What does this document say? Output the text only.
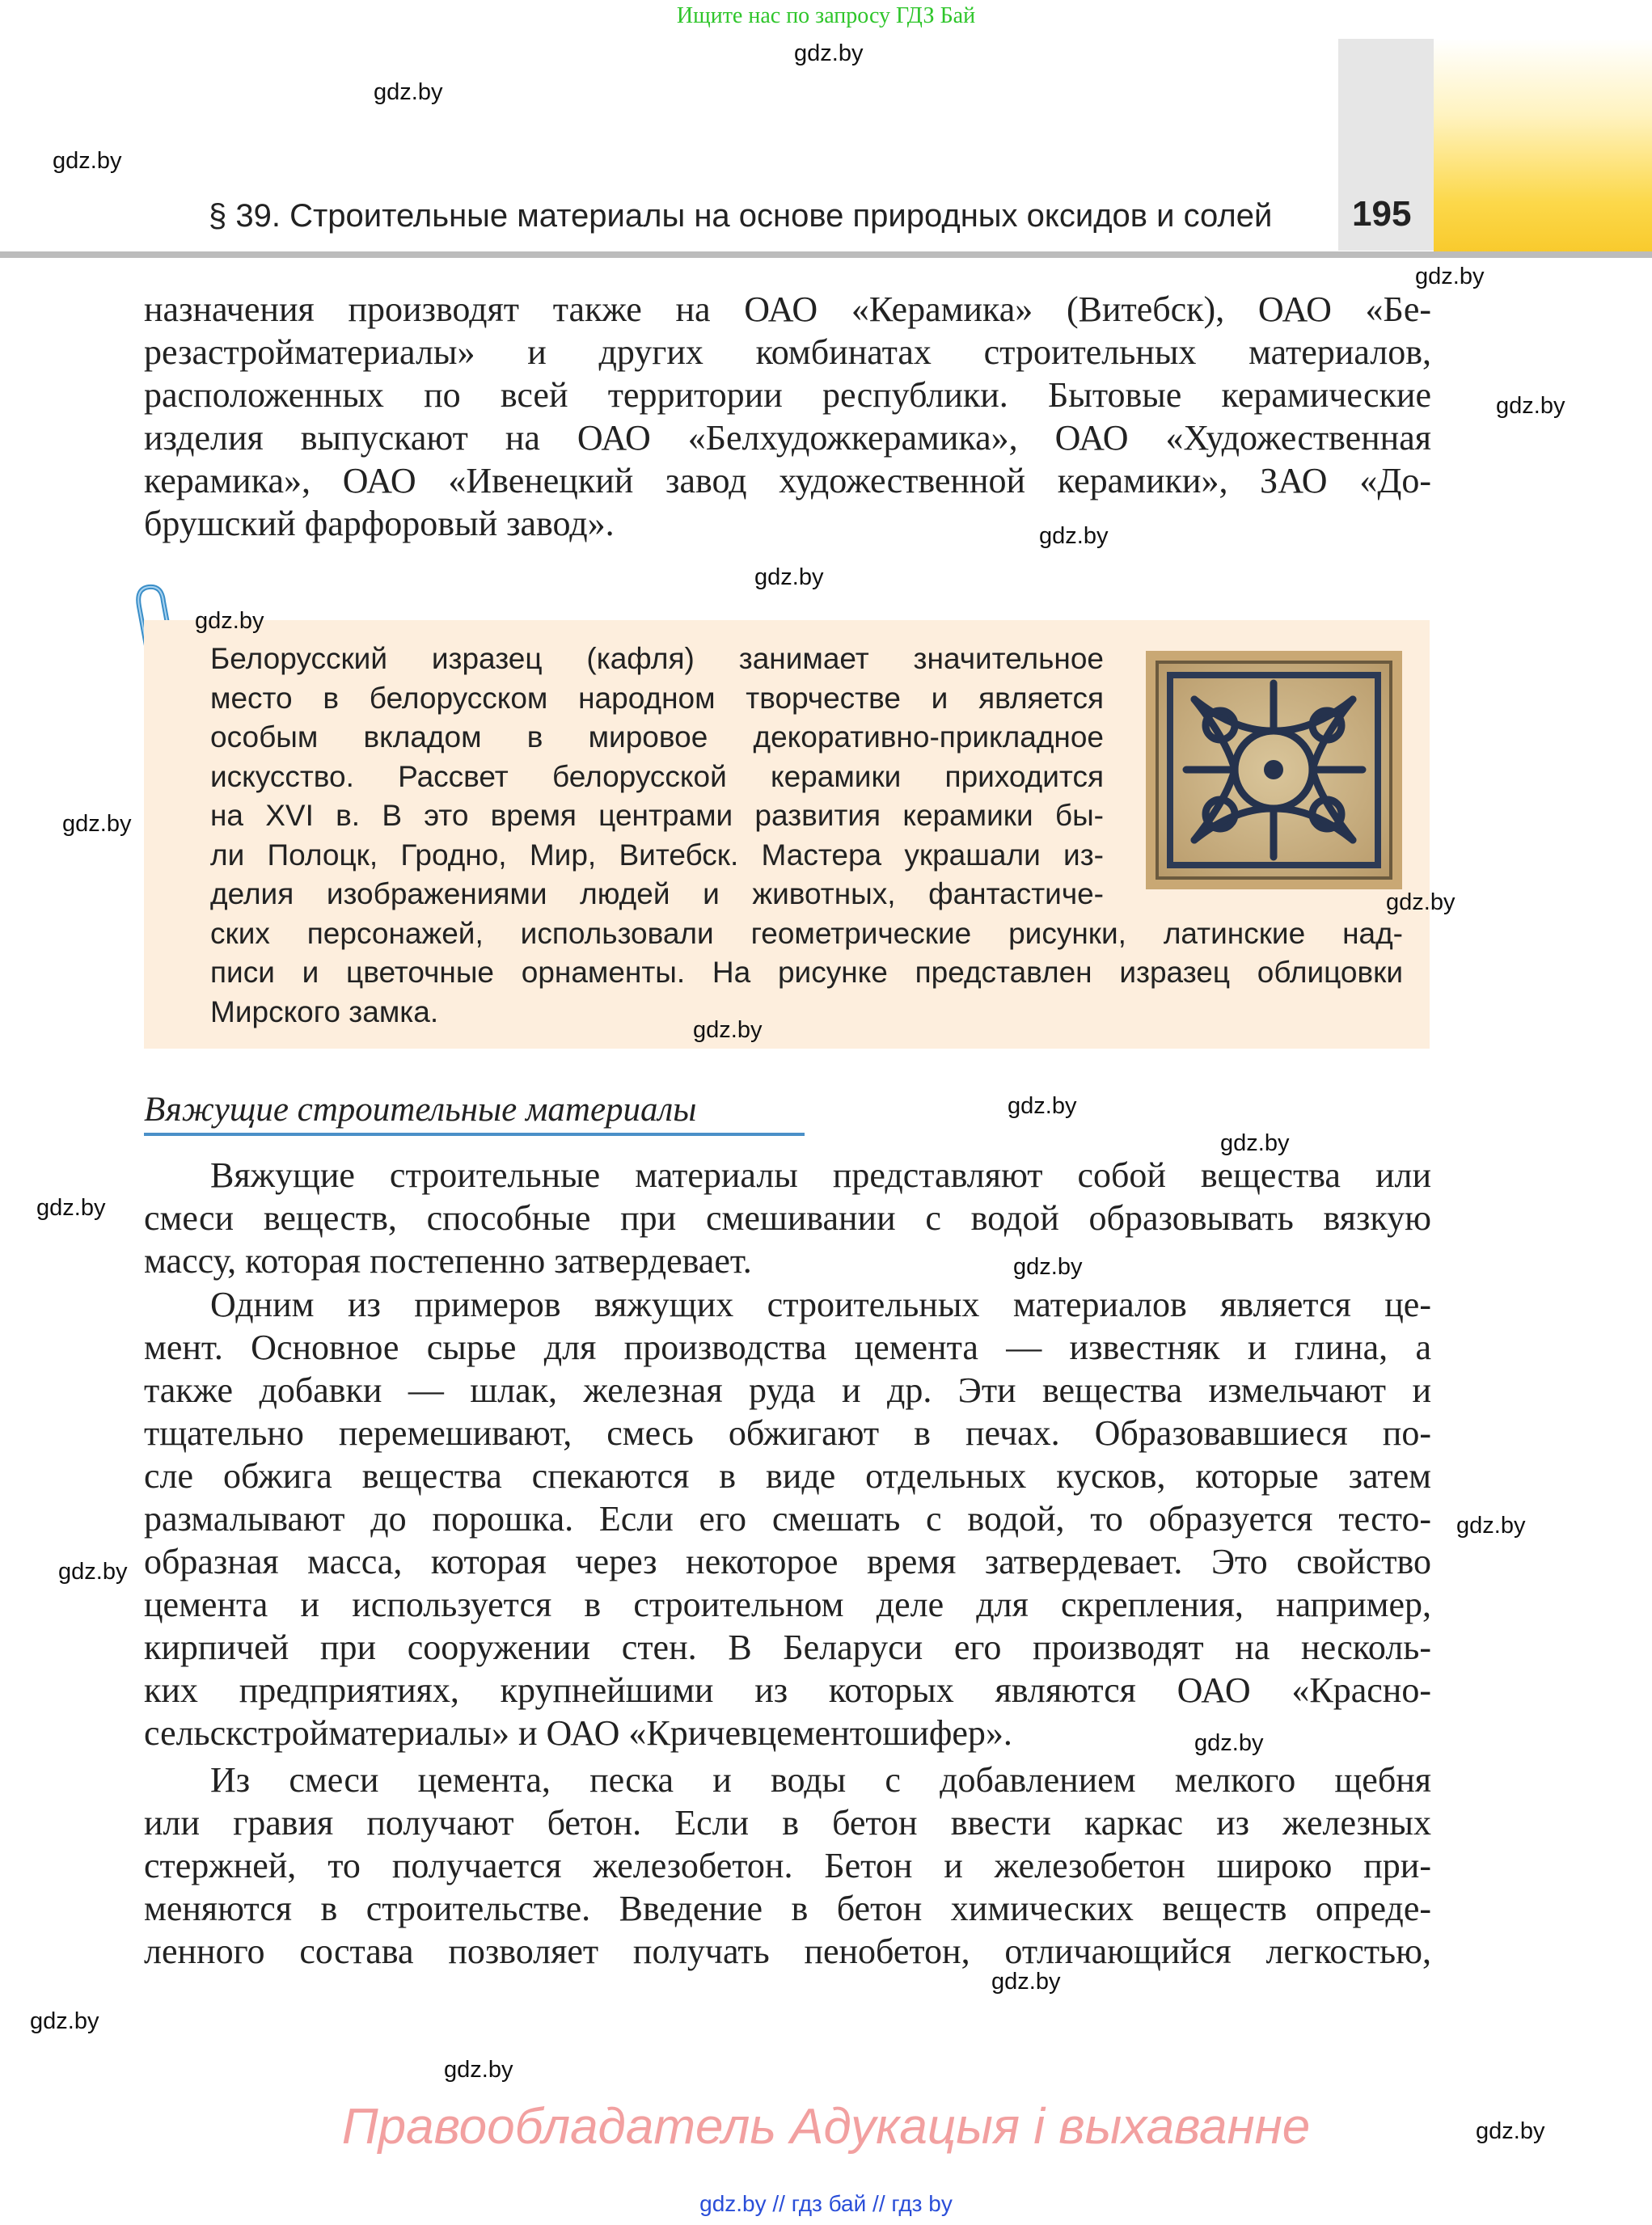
Ищите нас по запросу ГДЗ Бай
§ 39. Строительные материалы на основе природных оксидов и солей 195
назначения производят также на ОАО «Керамика» (Витебск), ОАО «Бе-
резастройматериалы» и других комбинатах строительных материалов,
расположенных по всей территории республики. Бытовые керамические
изделия выпускают на ОАО «Белхудожкерамика», ОАО «Художественная
керамика», ОАО «Ивенецкий завод художественной керамики», ЗАО «До-
брушский фарфоровый завод».
Белорусский изразец (кафля) занимает значительное
место в белорусском народном творчестве и является
особым вкладом в мировое декоративно-прикладное
искусство. Рассвет белорусской керамики приходится
на XVI в. В это время центрами развития керамики бы-
ли Полоцк, Гродно, Мир, Витебск. Мастера украшали из-
делия изображениями людей и животных, фантастиче-
ских персонажей, использовали геометрические рисунки, латинские над-
писи и цветочные орнаменты. На рисунке представлен изразец облицовки
Мирского замка.
Вяжущие строительные материалы
Вяжущие строительные материалы представляют собой вещества или
смеси веществ, способные при смешивании с водой образовывать вязкую
массу, которая постепенно затвердевает.
Одним из примеров вяжущих строительных материалов является це-
мент. Основное сырье для производства цемента — известняк и глина, а
также добавки — шлак, железная руда и др. Эти вещества измельчают и
тщательно перемешивают, смесь обжигают в печах. Образовавшиеся по-
сле обжига вещества спекаются в виде отдельных кусков, которые затем
размалывают до порошка. Если его смешать с водой, то образуется тесто-
образная масса, которая через некоторое время затвердевает. Это свойство
цемента и используется в строительном деле для скрепления, например,
кирпичей при сооружении стен. В Беларуси его производят на несколь-
ких предприятиях, крупнейшими из которых являются ОАО «Красно-
сельскстройматериалы» и ОАО «Кричевцементошифер».
Из смеси цемента, песка и воды с добавлением мелкого щебня
или гравия получают бетон. Если в бетон ввести каркас из железных
стержней, то получается железобетон. Бетон и железобетон широко при-
меняются в строительстве. Введение в бетон химических веществ опреде-
ленного состава позволяет получать пенобетон, отличающийся легкостью,
gdz.by
gdz.by
gdz.by
gdz.by
gdz.by
gdz.by
gdz.by
gdz.by
gdz.by
gdz.by
gdz.by
gdz.by
gdz.by
gdz.by
gdz.by
gdz.by
gdz.by
gdz.by
gdz.by
gdz.by
gdz.by
gdz.by
Правообладатель Адукацыя і выхаванне
gdz.by // гдз бай // гдз by
